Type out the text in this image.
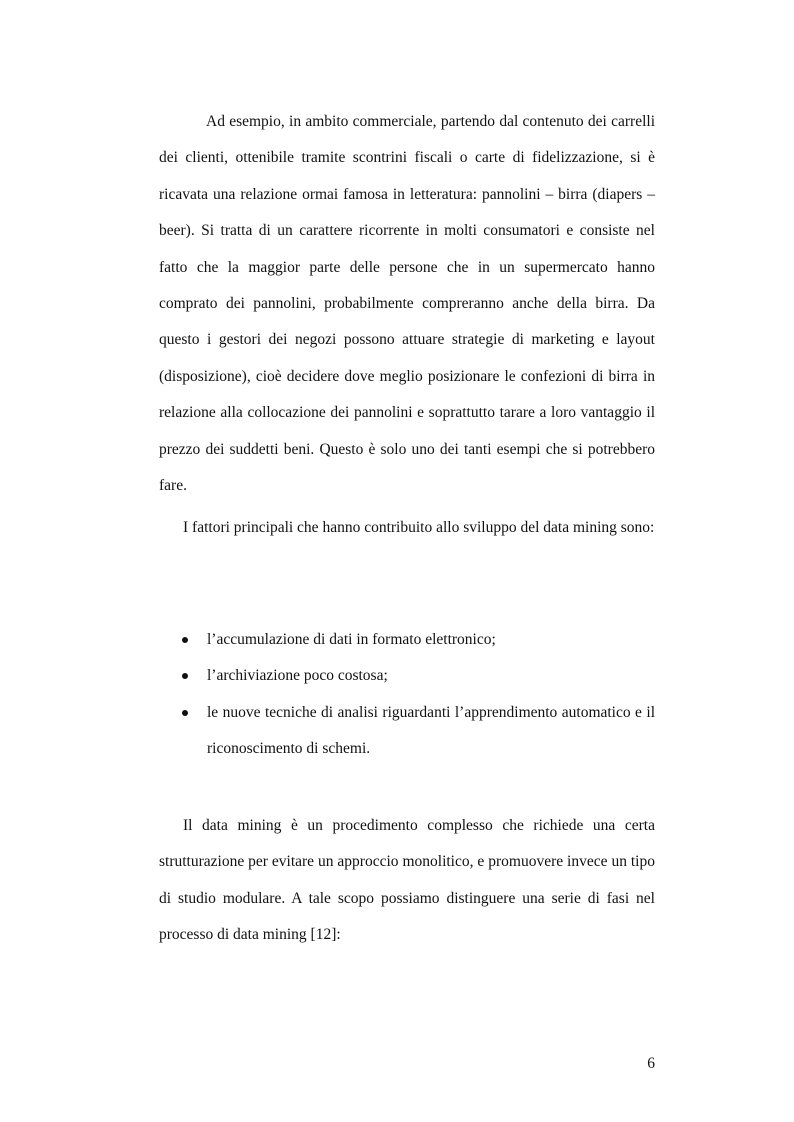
Ad esempio, in ambito commerciale, partendo dal contenuto dei carrelli dei clienti, ottenibile tramite scontrini fiscali o carte di fidelizzazione, si è ricavata una relazione ormai famosa in letteratura: pannolini – birra (diapers – beer). Si tratta di un carattere ricorrente in molti consumatori e consiste nel fatto che la maggior parte delle persone che in un supermercato hanno comprato dei pannolini, probabilmente compreranno anche della birra. Da questo i gestori dei negozi possono attuare strategie di marketing e layout (disposizione), cioè decidere dove meglio posizionare le confezioni di birra in relazione alla collocazione dei pannolini e soprattutto tarare a loro vantaggio il prezzo dei suddetti beni. Questo è solo uno dei tanti esempi che si potrebbero fare.

I fattori principali che hanno contribuito allo sviluppo del data mining sono:

l’accumulazione di dati in formato elettronico;
l’archiviazione poco costosa;
le nuove tecniche di analisi riguardanti l’apprendimento automatico e il riconoscimento di schemi.

Il data mining è un procedimento complesso che richiede una certa strutturazione per evitare un approccio monolitico, e promuovere invece un tipo di studio modulare. A tale scopo possiamo distinguere una serie di fasi nel processo di data mining [12]:

6
